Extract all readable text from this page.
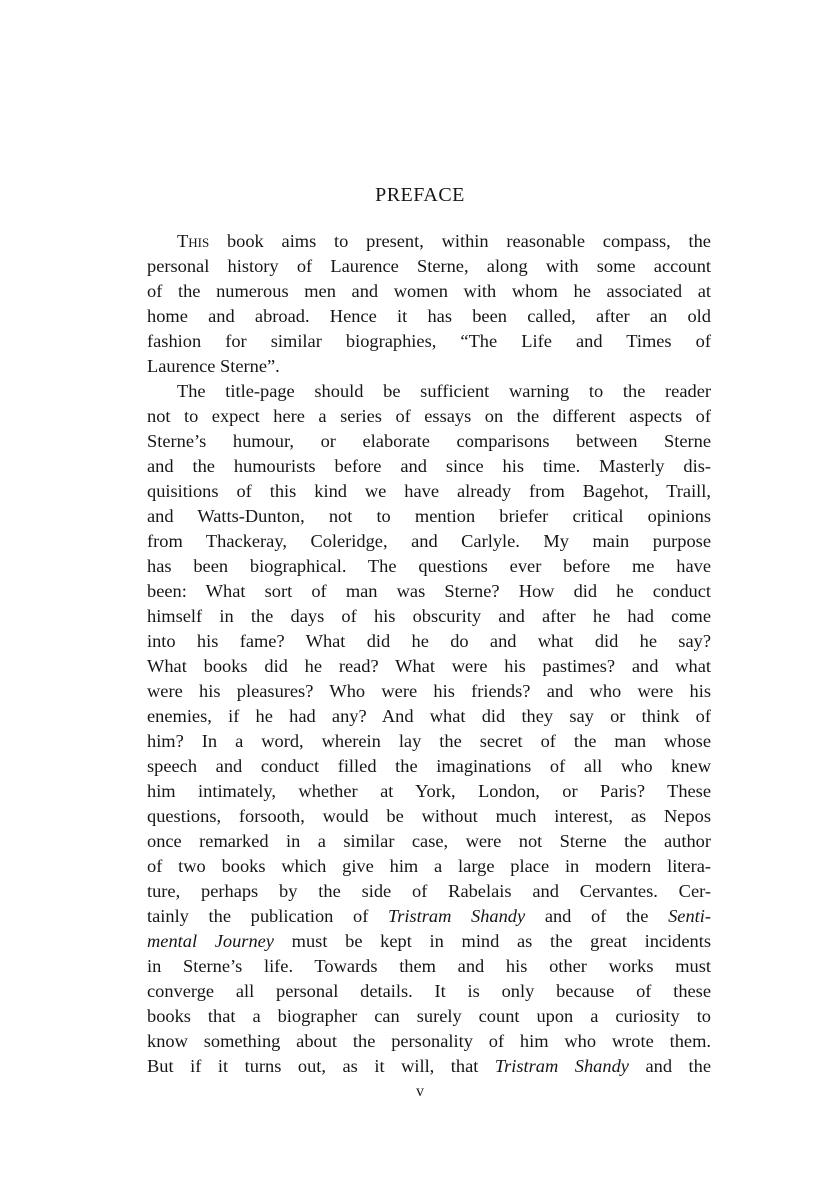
PREFACE
This book aims to present, within reasonable compass, the
personal history of Laurence Sterne, along with some account
of the numerous men and women with whom he associated at
home and abroad. Hence it has been called, after an old
fashion for similar biographies, “The Life and Times of
Laurence Sterne”.
The title-page should be sufficient warning to the reader
not to expect here a series of essays on the different aspects of
Sterne’s humour, or elaborate comparisons between Sterne
and the humourists before and since his time. Masterly dis-
quisitions of this kind we have already from Bagehot, Traill,
and Watts-Dunton, not to mention briefer critical opinions
from Thackeray, Coleridge, and Carlyle. My main purpose
has been biographical. The questions ever before me have
been: What sort of man was Sterne? How did he conduct
himself in the days of his obscurity and after he had come
into his fame? What did he do and what did he say?
What books did he read? What were his pastimes? and what
were his pleasures? Who were his friends? and who were his
enemies, if he had any? And what did they say or think of
him? In a word, wherein lay the secret of the man whose
speech and conduct filled the imaginations of all who knew
him intimately, whether at York, London, or Paris? These
questions, forsooth, would be without much interest, as Nepos
once remarked in a similar case, were not Sterne the author
of two books which give him a large place in modern litera-
ture, perhaps by the side of Rabelais and Cervantes. Cer-
tainly the publication of Tristram Shandy and of the Senti-
mental Journey must be kept in mind as the great incidents
in Sterne’s life. Towards them and his other works must
converge all personal details. It is only because of these
books that a biographer can surely count upon a curiosity to
know something about the personality of him who wrote them.
But if it turns out, as it will, that Tristram Shandy and the
v
